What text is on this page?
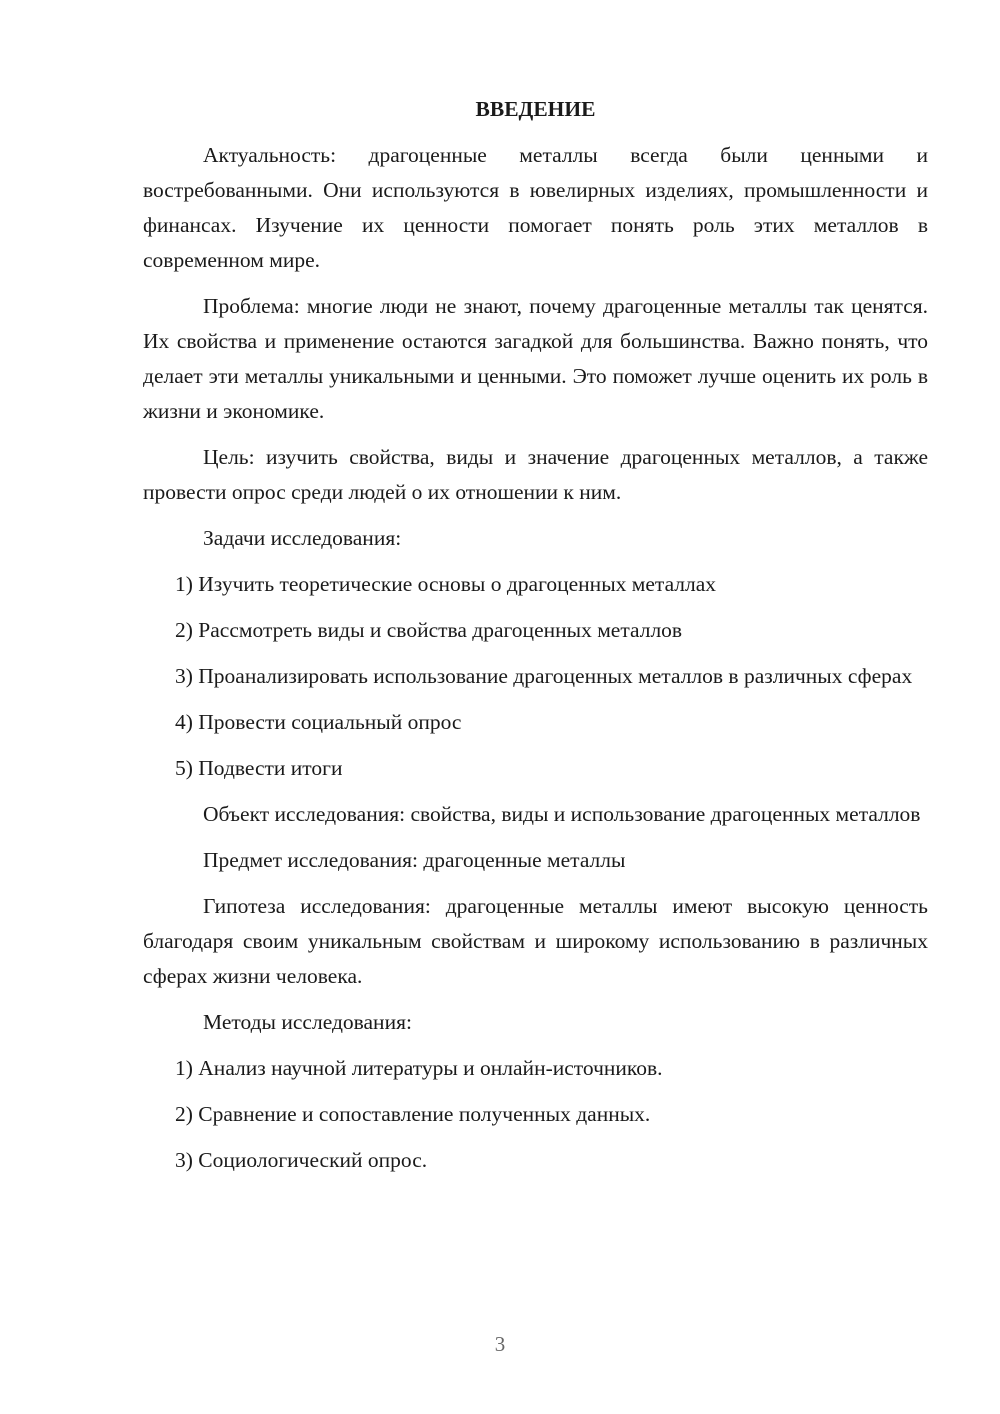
ВВЕДЕНИЕ
Актуальность: драгоценные металлы всегда были ценными и востребованными. Они используются в ювелирных изделиях, промышленности и финансах. Изучение их ценности помогает понять роль этих металлов в современном мире.
Проблема: многие люди не знают, почему драгоценные металлы так ценятся. Их свойства и применение остаются загадкой для большинства. Важно понять, что делает эти металлы уникальными и ценными. Это поможет лучше оценить их роль в жизни и экономике.
Цель: изучить свойства, виды и значение драгоценных металлов, а также провести опрос среди людей о их отношении к ним.
Задачи исследования:
1) Изучить теоретические основы о драгоценных металлах
2) Рассмотреть виды и свойства драгоценных металлов
3) Проанализировать использование драгоценных металлов в различных сферах
4) Провести социальный опрос
5) Подвести итоги
Объект исследования: свойства, виды и использование драгоценных металлов
Предмет исследования: драгоценные металлы
Гипотеза исследования: драгоценные металлы имеют высокую ценность благодаря своим уникальным свойствам и широкому использованию в различных сферах жизни человека.
Методы исследования:
1) Анализ научной литературы и онлайн-источников.
2) Сравнение и сопоставление полученных данных.
3) Социологический опрос.
3
